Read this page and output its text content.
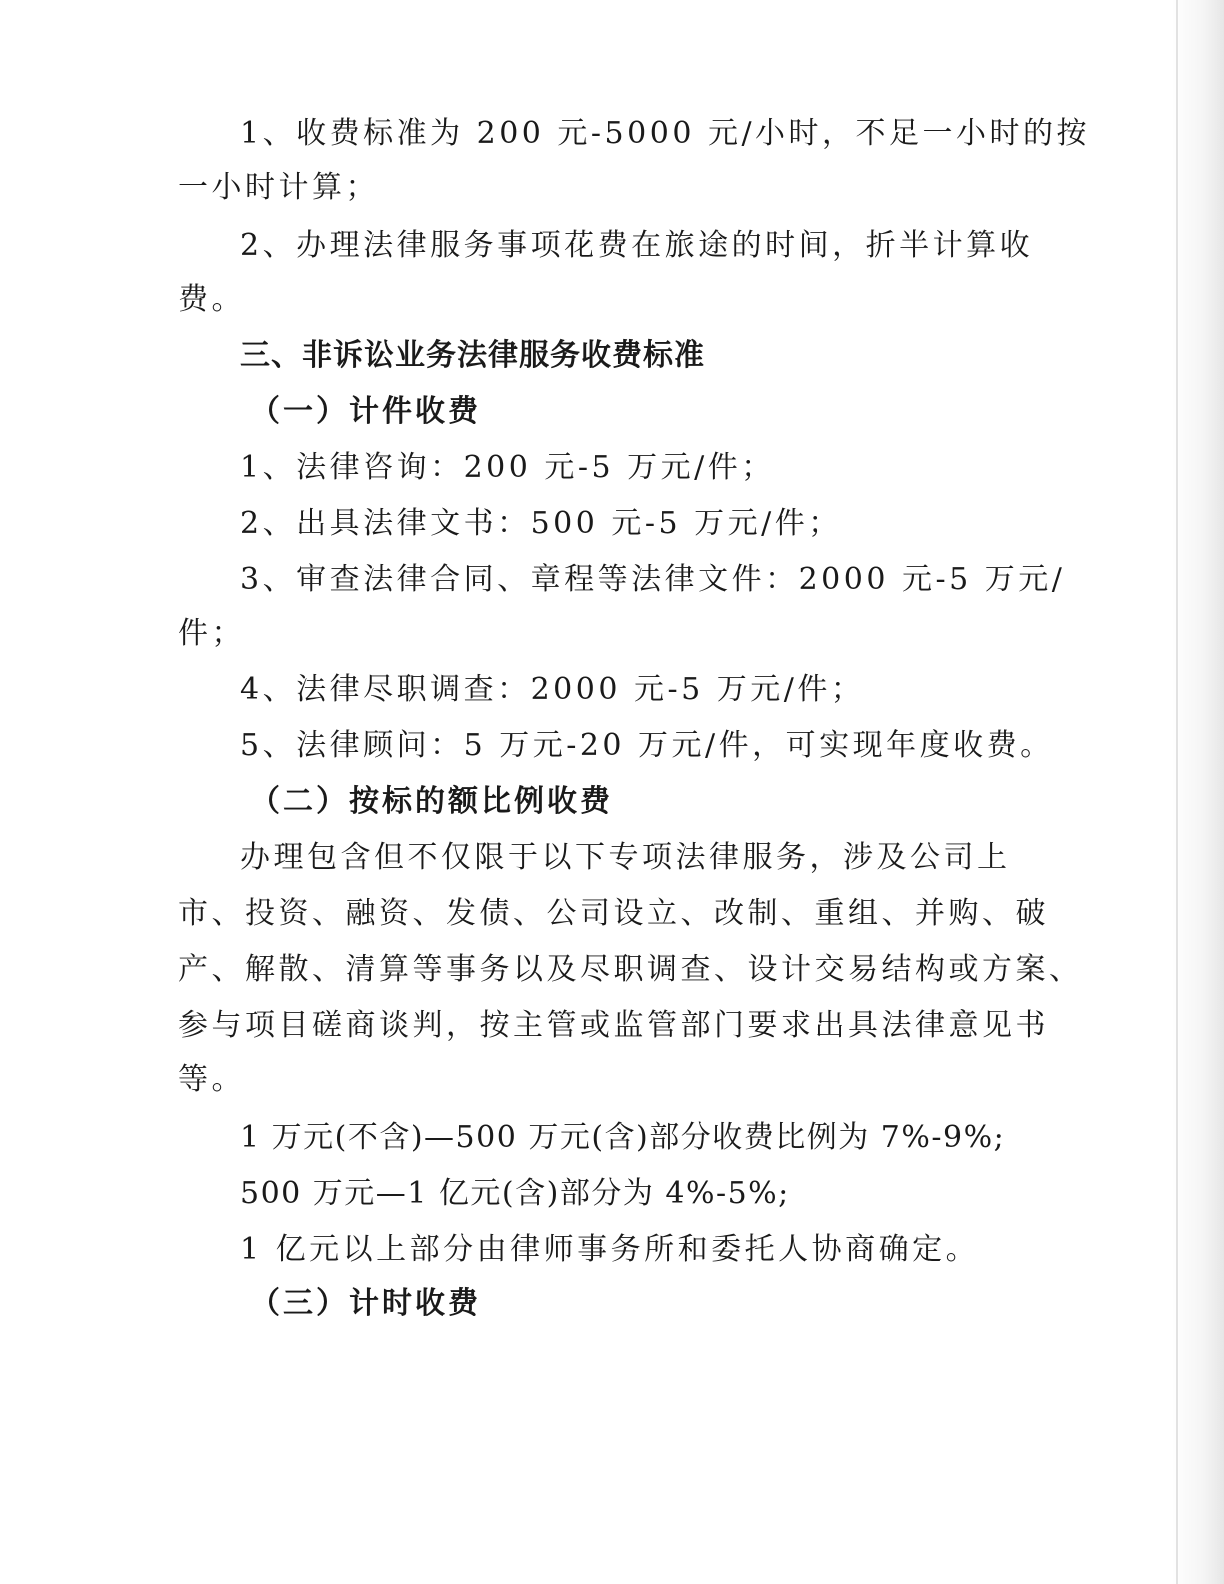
1、收费标准为 200 元-5000 元/小时，不足一小时的按
一小时计算；
2、办理法律服务事项花费在旅途的时间，折半计算收
费。
三、非诉讼业务法律服务收费标准
（一）计件收费
1、法律咨询：200 元-5 万元/件；
2、出具法律文书：500 元-5 万元/件；
3、审查法律合同、章程等法律文件：2000 元-5 万元/
件；
4、法律尽职调查：2000 元-5 万元/件；
5、法律顾问：5 万元-20 万元/件，可实现年度收费。
（二）按标的额比例收费
办理包含但不仅限于以下专项法律服务，涉及公司上
市、投资、融资、发债、公司设立、改制、重组、并购、破
产、解散、清算等事务以及尽职调查、设计交易结构或方案、
参与项目磋商谈判，按主管或监管部门要求出具法律意见书
等。
1 万元(不含)—500 万元(含)部分收费比例为 7%-9%;
500 万元—1 亿元(含)部分为 4%-5%;
1 亿元以上部分由律师事务所和委托人协商确定。
（三）计时收费
